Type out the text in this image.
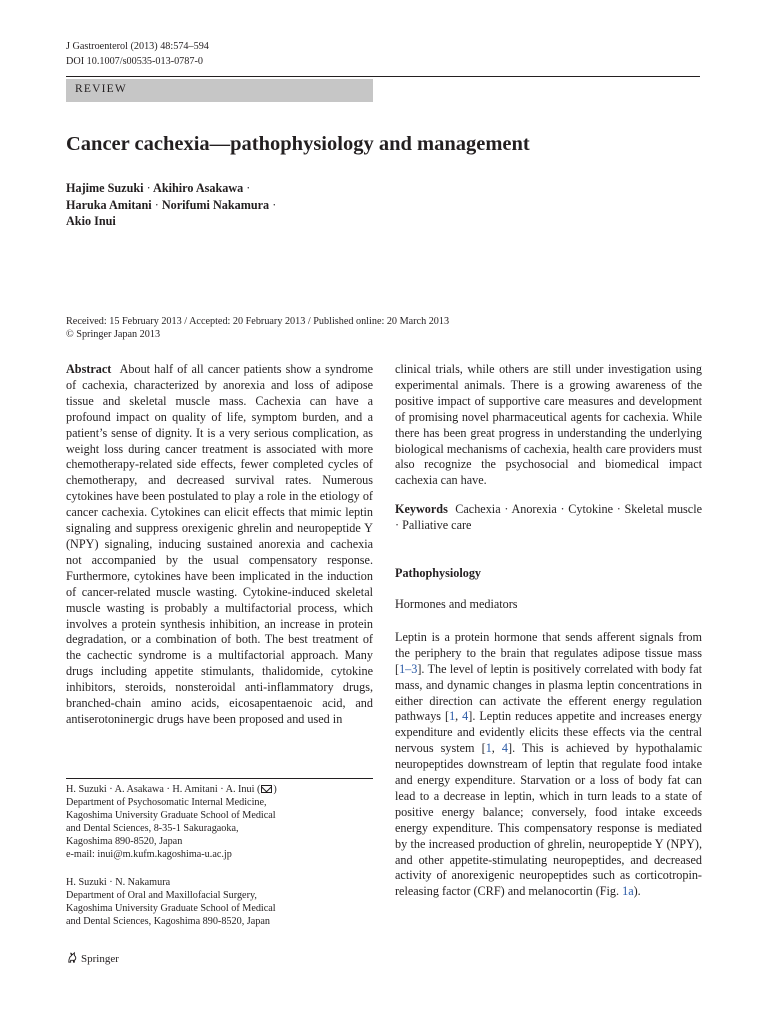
J Gastroenterol (2013) 48:574–594
DOI 10.1007/s00535-013-0787-0
REVIEW
Cancer cachexia—pathophysiology and management
Hajime Suzuki · Akihiro Asakawa ·
Haruka Amitani · Norifumi Nakamura ·
Akio Inui
Received: 15 February 2013 / Accepted: 20 February 2013 / Published online: 20 March 2013
© Springer Japan 2013
Abstract About half of all cancer patients show a syndrome of cachexia, characterized by anorexia and loss of adipose tissue and skeletal muscle mass. Cachexia can have a profound impact on quality of life, symptom burden, and a patient’s sense of dignity. It is a very serious complication, as weight loss during cancer treatment is associated with more chemotherapy-related side effects, fewer completed cycles of chemotherapy, and decreased survival rates. Numerous cytokines have been postulated to play a role in the etiology of cancer cachexia. Cytokines can elicit effects that mimic leptin signaling and suppress orexigenic ghrelin and neuropeptide Y (NPY) signaling, inducing sustained anorexia and cachexia not accompanied by the usual compensatory response. Furthermore, cytokines have been implicated in the induction of cancer-related muscle wasting. Cytokine-induced skeletal muscle wasting is probably a multifactorial process, which involves a protein synthesis inhibition, an increase in protein degradation, or a combination of both. The best treatment of the cachectic syndrome is a multifactorial approach. Many drugs including appetite stimulants, thalidomide, cytokine inhibitors, steroids, nonsteroidal anti-inflammatory drugs, branched-chain amino acids, eicosapentaenoic acid, and antiserotoninergic drugs have been proposed and used in
H. Suzuki · A. Asakawa · H. Amitani · A. Inui ( )
Department of Psychosomatic Internal Medicine,
Kagoshima University Graduate School of Medical
and Dental Sciences, 8-35-1 Sakuragaoka,
Kagoshima 890-8520, Japan
e-mail: inui@m.kufm.kagoshima-u.ac.jp
H. Suzuki · N. Nakamura
Department of Oral and Maxillofacial Surgery,
Kagoshima University Graduate School of Medical
and Dental Sciences, Kagoshima 890-8520, Japan
clinical trials, while others are still under investigation using experimental animals. There is a growing awareness of the positive impact of supportive care measures and development of promising novel pharmaceutical agents for cachexia. While there has been great progress in understanding the underlying biological mechanisms of cachexia, health care providers must also recognize the psychosocial and biomedical impact cachexia can have.
Keywords Cachexia · Anorexia · Cytokine · Skeletal muscle · Palliative care
Pathophysiology
Hormones and mediators
Leptin is a protein hormone that sends afferent signals from the periphery to the brain that regulates adipose tissue mass [1–3]. The level of leptin is positively correlated with body fat mass, and dynamic changes in plasma leptin concentrations in either direction can activate the efferent energy regulation pathways [1, 4]. Leptin reduces appetite and increases energy expenditure and evidently elicits these effects via the central nervous system [1, 4]. This is achieved by hypothalamic neuropeptides downstream of leptin that regulate food intake and energy expenditure. Starvation or a loss of body fat can lead to a decrease in leptin, which in turn leads to a state of positive energy balance; conversely, food intake exceeds energy expenditure. This compensatory response is mediated by the increased production of ghrelin, neuropeptide Y (NPY), and other appetite-stimulating neuropeptides, and decreased activity of anorexigenic neuropeptides such as corticotropin-releasing factor (CRF) and melanocortin (Fig. 1a).
Springer
